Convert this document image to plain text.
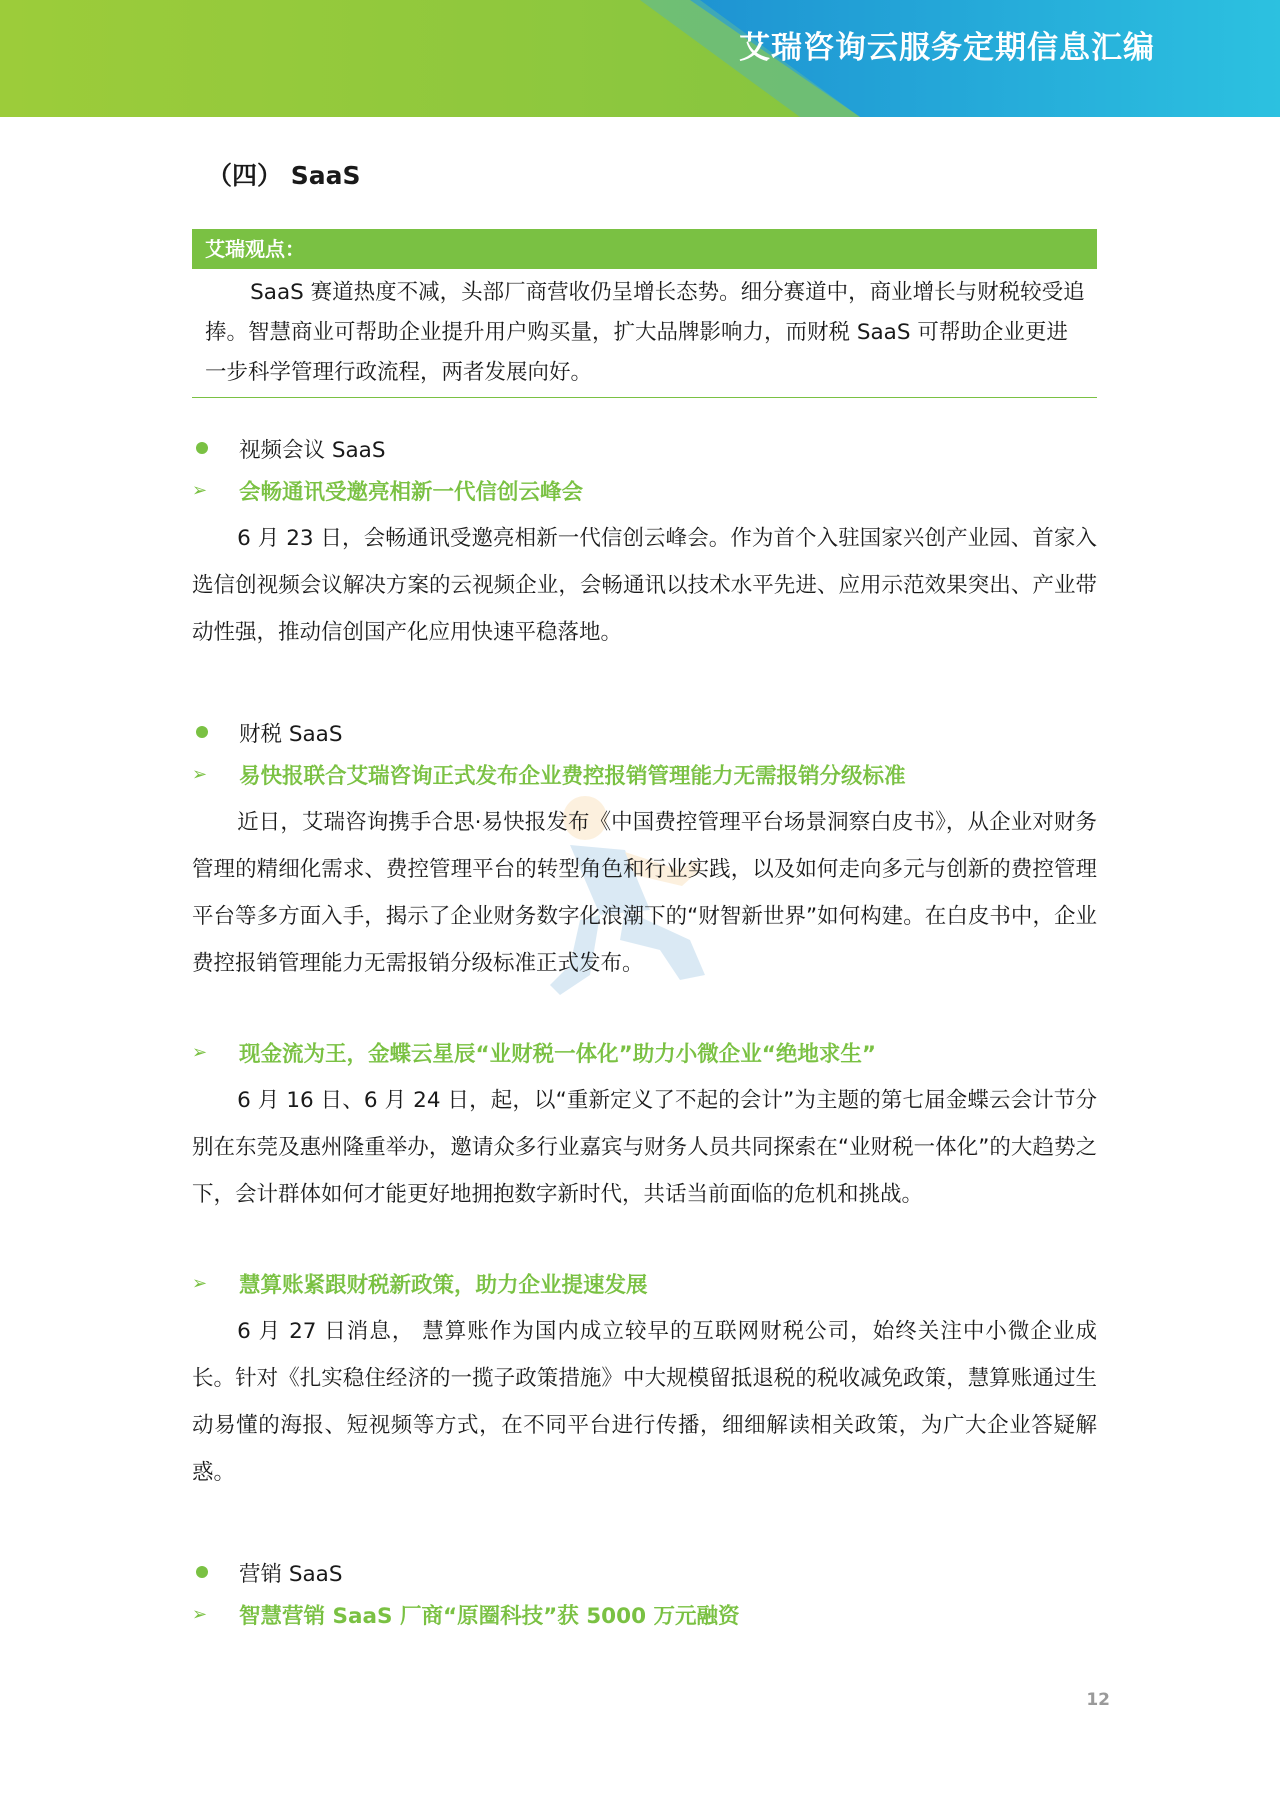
艾瑞咨询云服务定期信息汇编
（四） SaaS
艾瑞观点：

SaaS 赛道热度不减，头部厂商营收仍呈增长态势。细分赛道中，商业增长与财税较受追捧。智慧商业可帮助企业提升用户购买量，扩大品牌影响力，而财税 SaaS 可帮助企业更进一步科学管理行政流程，两者发展向好。

视频会议 SaaS
➢	会畅通讯受邀亮相新一代信创云峰会

6 月 23 日，会畅通讯受邀亮相新一代信创云峰会。作为首个入驻国家兴创产业园、首家入选信创视频会议解决方案的云视频企业，会畅通讯以技术水平先进、应用示范效果突出、产业带动性强，推动信创国产化应用快速平稳落地。

财税 SaaS
➢	易快报联合艾瑞咨询正式发布企业费控报销管理能力无需报销分级标准

近日，艾瑞咨询携手合思·易快报发布《中国费控管理平台场景洞察白皮书》，从企业对财务管理的精细化需求、费控管理平台的转型角色和行业实践，以及如何走向多元与创新的费控管理平台等多方面入手，揭示了企业财务数字化浪潮下的“财智新世界”如何构建。在白皮书中，企业费控报销管理能力无需报销分级标准正式发布。

➢	现金流为王，金蝶云星辰“业财税一体化”助力小微企业“绝地求生”

6 月 16 日、6 月 24 日，起，以“重新定义了不起的会计”为主题的第七届金蝶云会计节分别在东莞及惠州隆重举办，邀请众多行业嘉宾与财务人员共同探索在“业财税一体化”的大趋势之下，会计群体如何才能更好地拥抱数字新时代，共话当前面临的危机和挑战。

➢	慧算账紧跟财税新政策，助力企业提速发展

6 月 27 日消息， 慧算账作为国内成立较早的互联网财税公司，始终关注中小微企业成长。针对《扎实稳住经济的一揽子政策措施》中大规模留抵退税的税收减免政策，慧算账通过生动易懂的海报、短视频等方式，在不同平台进行传播，细细解读相关政策，为广大企业答疑解惑。

营销 SaaS
➢	智慧营销 SaaS 厂商“原圈科技”获 5000 万元融资
12
